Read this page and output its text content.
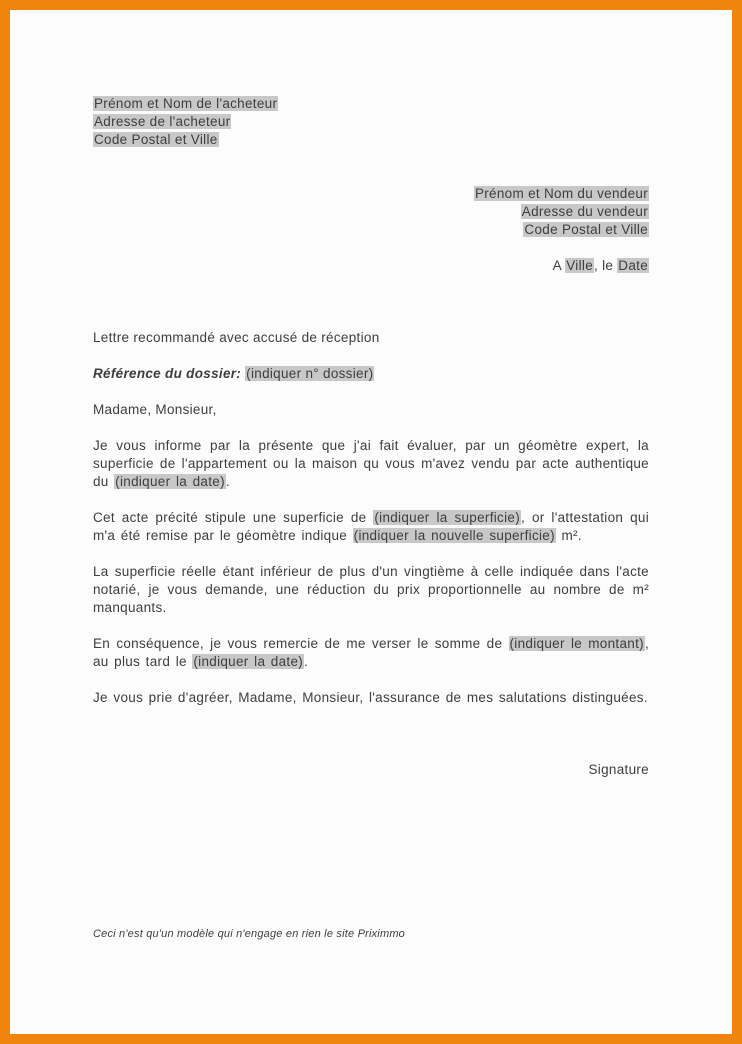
Prénom et Nom de l'acheteur
Adresse de l'acheteur
Code Postal et Ville
Prénom et Nom du vendeur
Adresse du vendeur
Code Postal et Ville
A Ville, le Date
Lettre recommandé avec accusé de réception
Référence du dossier: (indiquer n° dossier)
Madame, Monsieur,

Je vous informe par la présente que j'ai fait évaluer, par un géomètre expert, la superficie de l'appartement ou la maison qu vous m'avez vendu par acte authentique du (indiquer la date).

Cet acte précité stipule une superficie de (indiquer la superficie), or l'attestation qui m'a été remise par le géomètre indique (indiquer la nouvelle superficie) m².

La superficie réelle étant inférieur de plus d'un vingtième à celle indiquée dans l'acte notarié, je vous demande, une réduction du prix proportionnelle au nombre de m² manquants.

En conséquence, je vous remercie de me verser le somme de (indiquer le montant), au plus tard le (indiquer la date).

Je vous prie d'agréer, Madame, Monsieur, l'assurance de mes salutations distinguées.

Signature
Ceci n'est qu'un modèle qui n'engage en rien le site Priximmo
